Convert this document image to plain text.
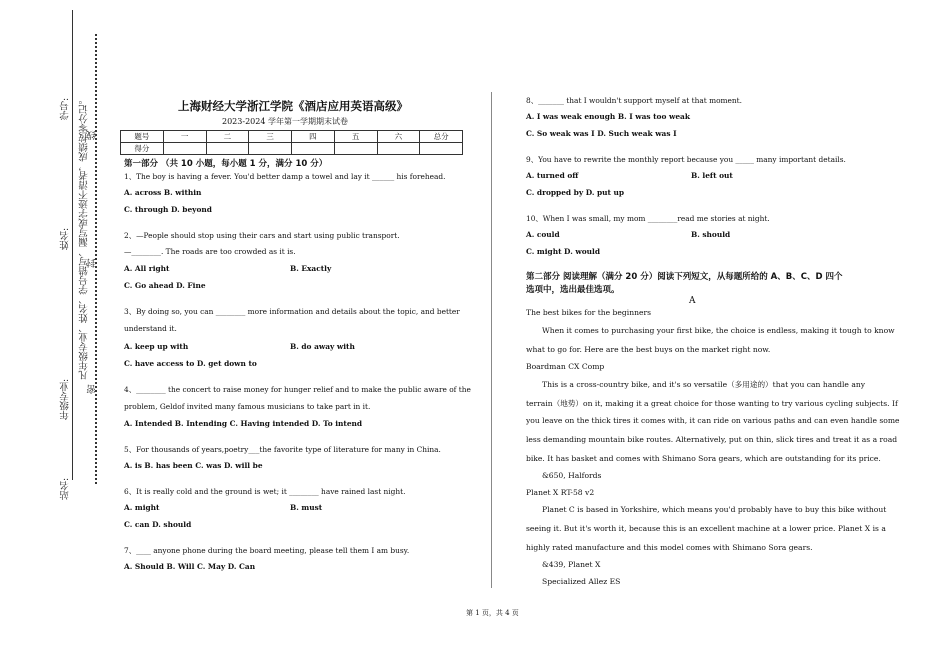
学号:
姓名:
年级专业:
站名:
凡年级专业、姓名、学号错写、漏写或字迹不清者，成绩按零分记。
密
封
线
上海财经大学浙江学院《酒店应用英语高级》
2023-2024 学年第一学期期末试卷
题号	一	二	三	四	五	六	总分
得分							
第一部分 （共 10 小题，每小题 1 分，满分 10 分）
1、The boy is having a fever. You'd better damp a towel and lay it ______ his forehead.
A. across B. within
C. through D. beyond
2、—People should stop using their cars and start using public transport.
—________. The roads are too crowded as it is.
A. All right	B. Exactly
C. Go ahead D. Fine
3、By doing so, you can ________ more information and details about the topic, and better
understand it.
A. keep up with	B. do away with
C. have access to D. get down to
4、________ the concert to raise money for hunger relief and to make the public aware of the
problem, Geldof invited many famous musicians to take part in it.
A. Intended B. Intending C. Having intended D. To intend
5、For thousands of years,poetry___the favorite type of literature for many in China.
A. is B. has been C. was D. will be
6、It is really cold and the ground is wet; it ________ have rained last night.
A. might	B. must
C. can D. should
7、____ anyone phone during the board meeting, please tell them I am busy.
A. Should B. Will C. May D. Can
8、_______ that I wouldn't support myself at that moment.
A. I was weak enough B. I was too weak
C. So weak was I D. Such weak was I
9、You have to rewrite the monthly report because you _____ many important details.
A. turned off	B. left out
C. dropped by D. put up
10、When I was small, my mom ________read me stories at night.
A. could	B. should
C. might D. would
第二部分 阅读理解（满分 20 分）阅读下列短文，从每题所给的 A、B、C、D 四个
选项中，选出最佳选项。
A
The best bikes for the beginners
When it comes to purchasing your first bike, the choice is endless, making it tough to know
what to go for. Here are the best buys on the market right now.
Boardman CX Comp
This is a cross-country bike, and it's so versatile（多用途的）that you can handle any
terrain（地势）on it, making it a great choice for those wanting to try various cycling subjects. If
you leave on the thick tires it comes with, it can ride on various paths and can even handle some
less demanding mountain bike routes. Alternatively, put on thin, slick tires and treat it as a road
bike. It has basket and comes with Shimano Sora gears, which are outstanding for its price.
&650, Halfords
Planet X RT-58 v2
Planet C is based in Yorkshire, which means you'd probably have to buy this bike without
seeing it. But it's worth it, because this is an excellent machine at a lower price. Planet X is a
highly rated manufacture and this model comes with Shimano Sora gears.
&439, Planet X
Specialized Allez ES
第 1 页，共 4 页
